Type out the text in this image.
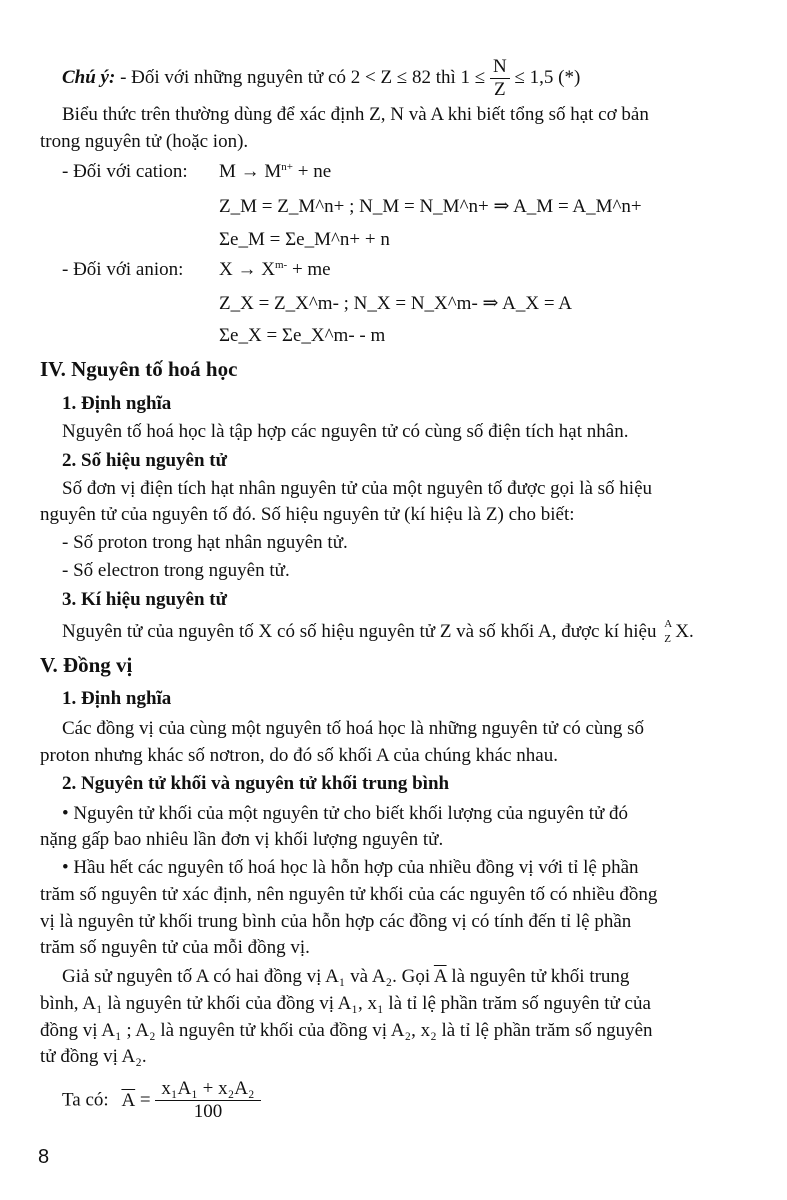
Chú ý: - Đối với những nguyên tử có 2 < Z ≤ 82 thì $1 \le \frac{N}{Z} \le 1,5$ (*)
Biểu thức trên thường dùng để xác định Z, N và A khi biết tổng số hạt cơ bản
trong nguyên tử (hoặc ion).
- Đối với cation: $M \to M^{n+}$ + ne
Z_M = Z_M^n+ ; N_M = N_M^n+ ⇒ A_M = A_M^n+
Σe_M = Σe_M^n+ + n
- Đối với anion: $X \to X^{m-}$ + me
Z_X = Z_X^m- ; N_X = N_X^m- ⇒ A_X = A
Σe_X = Σe_X^m- - m
IV. Nguyên tố hoá học
1. Định nghĩa
Nguyên tố hoá học là tập hợp các nguyên tử có cùng số điện tích hạt nhân.
2. Số hiệu nguyên tử
Số đơn vị điện tích hạt nhân nguyên tử của một nguyên tố được gọi là số hiệu
nguyên tử của nguyên tố đó. Số hiệu nguyên tử (kí hiệu là Z) cho biết:
- Số proton trong hạt nhân nguyên tử.
- Số electron trong nguyên tử.
3. Kí hiệu nguyên tử
Nguyên tử của nguyên tố X có số hiệu nguyên tử Z và số khối A, được kí hiệu A
Z X.
V. Đồng vị
1. Định nghĩa
Các đồng vị của cùng một nguyên tố hoá học là những nguyên tử có cùng số
proton nhưng khác số nơtron, do đó số khối A của chúng khác nhau.
2. Nguyên tử khối và nguyên tử khối trung bình
• Nguyên tử khối của một nguyên tử cho biết khối lượng của nguyên tử đó
nặng gấp bao nhiêu lần đơn vị khối lượng nguyên tử.
• Hầu hết các nguyên tố hoá học là hỗn hợp của nhiều đồng vị với tỉ lệ phần
trăm số nguyên tử xác định, nên nguyên tử khối của các nguyên tố có nhiều đồng
vị là nguyên tử khối trung bình của hỗn hợp các đồng vị có tính đến tỉ lệ phần
trăm số nguyên tử của mỗi đồng vị.
Giả sử nguyên tố A có hai đồng vị A₁ và A₂. Gọi $\overline{A}$ là nguyên tử khối trung
bình, A₁ là nguyên tử khối của đồng vị A₁, x₁ là tỉ lệ phần trăm số nguyên tử của
đồng vị A₁ ; A₂ là nguyên tử khối của đồng vị A₂, x₂ là tỉ lệ phần trăm số nguyên
tử đồng vị A₂.
Ta có: $\overline{A} = \frac{\text{x₁A₁ + x₂A₂}}{100}$
8
